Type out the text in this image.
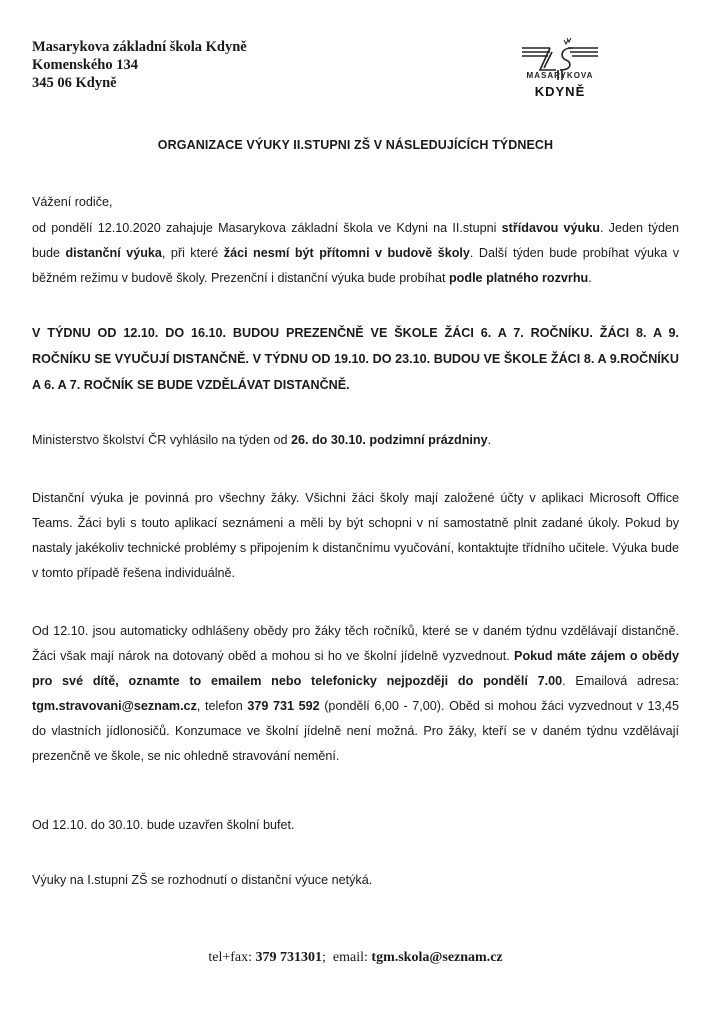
Masarykova základní škola Kdyně
Komenského 134
345 06 Kdyně	MASARYKOVA
KDYNĚ
ORGANIZACE VÝUKY II.STUPNI ZŠ V NÁSLEDUJÍCÍCH TÝDNECH
Vážení rodiče,
od pondělí 12.10.2020 zahajuje Masarykova základní škola ve Kdyni na II.stupni střídavou výuku. Jeden týden bude distanční výuka, při které žáci nesmí být přítomni v budově školy. Další týden bude probíhat výuka v běžném režimu v budově školy. Prezenční i distanční výuka bude probíhat podle platného rozvrhu.
V TÝDNU OD 12.10. DO 16.10. BUDOU PREZENČNĚ VE ŠKOLE ŽÁCI 6. A 7. ROČNÍKU. ŽÁCI 8. A 9. ROČNÍKU SE VYUČUJÍ DISTANČNĚ. V TÝDNU OD 19.10. DO 23.10. BUDOU VE ŠKOLE ŽÁCI 8. A 9.ROČNÍKU A 6. A 7. ROČNÍK SE BUDE VZDĚLÁVAT DISTANČNĚ.
Ministerstvo školství ČR vyhlásilo na týden od 26. do 30.10. podzimní prázdniny.
Distanční výuka je povinná pro všechny žáky. Všichni žáci školy mají založené účty v aplikaci Microsoft Office Teams. Žáci byli s touto aplikací seznámeni a měli by být schopni v ní samostatně plnit zadané úkoly. Pokud by nastaly jakékoliv technické problémy s připojením k distančnímu vyučování, kontaktujte třídního učitele. Výuka bude v tomto případě řešena individuálně.
Od 12.10. jsou automaticky odhlášeny obědy pro žáky těch ročníků, které se v daném týdnu vzdělávají distančně. Žáci však mají nárok na dotovaný oběd a mohou si ho ve školní jídelně vyzvednout. Pokud máte zájem o obědy pro své dítě, oznamte to emailem nebo telefonicky nejpozději do pondělí 7.00. Emailová adresa: tgm.stravovani@seznam.cz, telefon 379 731 592 (pondělí 6,00 - 7,00). Oběd si mohou žáci vyzvednout v 13,45 do vlastních jídlonosičů. Konzumace ve školní jídelně není možná. Pro žáky, kteří se v daném týdnu vzdělávají prezenčně ve škole, se nic ohledně stravování nemění.
Od 12.10. do 30.10. bude uzavřen školní bufet.
Výuky na I.stupni ZŠ se rozhodnutí o distanční výuce netýká.
tel+fax: 379 731301;  email: tgm.skola@seznam.cz
